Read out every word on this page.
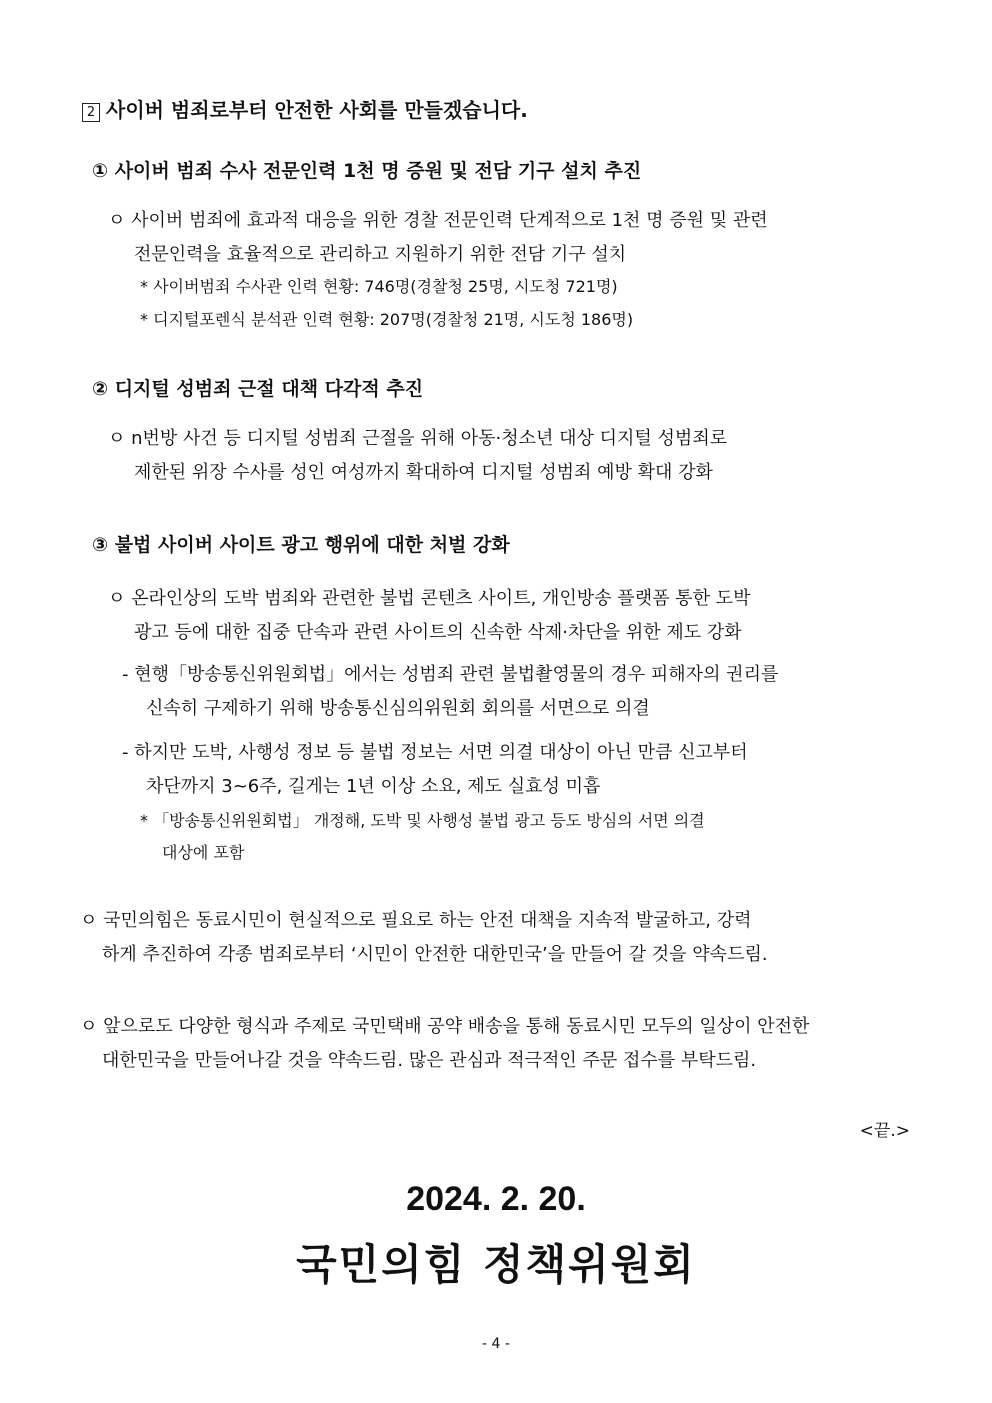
2 사이버 범죄로부터 안전한 사회를 만들겠습니다.
① 사이버 범죄 수사 전문인력 1천 명 증원 및 전담 기구 설치 추진
ㅇ 사이버 범죄에 효과적 대응을 위한 경찰 전문인력 단계적으로 1천 명 증원 및 관련
전문인력을 효율적으로 관리하고 지원하기 위한 전담 기구 설치
* 사이버범죄 수사관 인력 현황: 746명(경찰청 25명, 시도청 721명)
* 디지털포렌식 분석관 인력 현황: 207명(경찰청 21명, 시도청 186명)
② 디지털 성범죄 근절 대책 다각적 추진
ㅇ n번방 사건 등 디지털 성범죄 근절을 위해 아동·청소년 대상 디지털 성범죄로
제한된 위장 수사를 성인 여성까지 확대하여 디지털 성범죄 예방 확대 강화
③ 불법 사이버 사이트 광고 행위에 대한 처벌 강화
ㅇ 온라인상의 도박 범죄와 관련한 불법 콘텐츠 사이트, 개인방송 플랫폼 통한 도박
광고 등에 대한 집중 단속과 관련 사이트의 신속한 삭제·차단을 위한 제도 강화
- 현행「방송통신위원회법」에서는 성범죄 관련 불법촬영물의 경우 피해자의 권리를
신속히 구제하기 위해 방송통신심의위원회 회의를 서면으로 의결
- 하지만 도박, 사행성 정보 등 불법 정보는 서면 의결 대상이 아닌 만큼 신고부터
차단까지 3~6주, 길게는 1년 이상 소요, 제도 실효성 미흡
* 「방송통신위원회법」 개정해, 도박 및 사행성 불법 광고 등도 방심의 서면 의결
대상에 포함
ㅇ 국민의힘은 동료시민이 현실적으로 필요로 하는 안전 대책을 지속적 발굴하고, 강력
하게 추진하여 각종 범죄로부터 ‘시민이 안전한 대한민국’을 만들어 갈 것을 약속드림.
ㅇ 앞으로도 다양한 형식과 주제로 국민택배 공약 배송을 통해 동료시민 모두의 일상이 안전한
대한민국을 만들어나갈 것을 약속드림. 많은 관심과 적극적인 주문 접수를 부탁드림.
<끝.>
2024. 2. 20.
국민의힘 정책위원회
- 4 -
